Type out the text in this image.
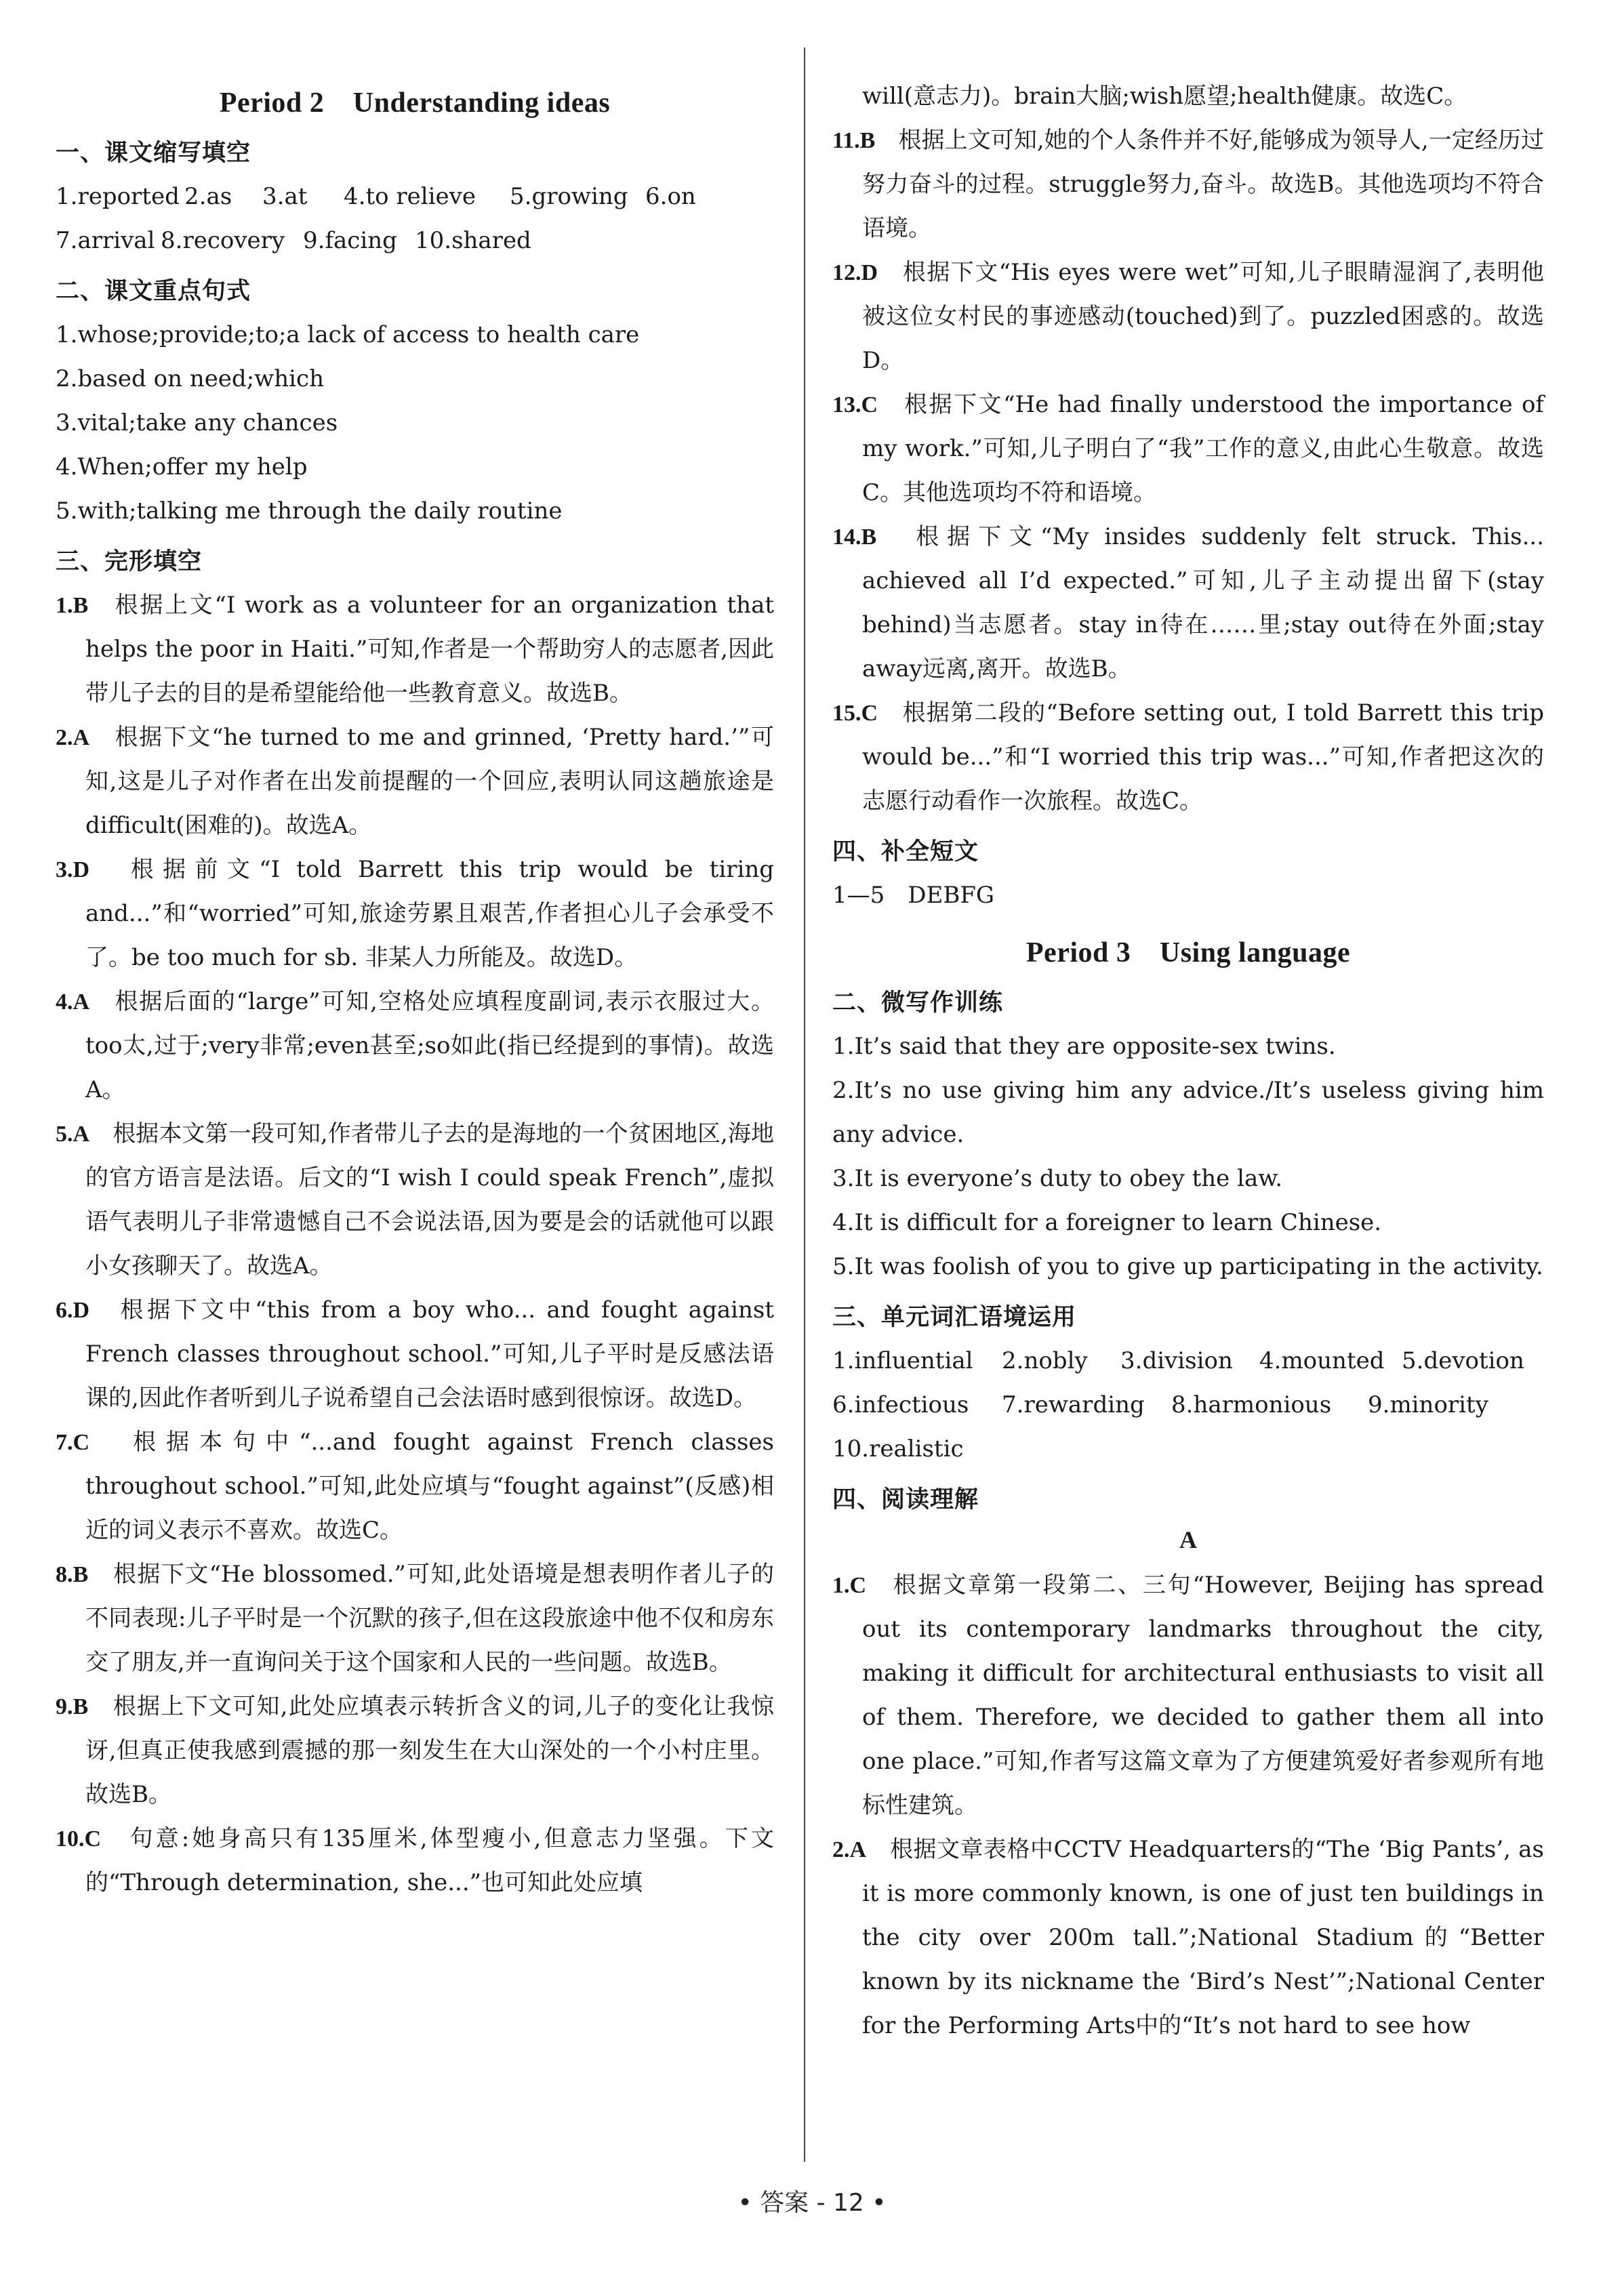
Period 2　Understanding ideas
一、课文缩写填空
1.reported 2.as 3.at 4.to relieve 5.growing 6.on
7.arrival 8.recovery 9.facing 10.shared
二、课文重点句式
1.whose;provide;to;a lack of access to health care
2.based on need;which
3.vital;take any chances
4.When;offer my help
5.with;talking me through the daily routine
三、完形填空
1.B　 根据上文“I work as a volunteer for an organization that helps the poor in Haiti.”可知,作者是一个帮助穷人的志愿者,因此带儿子去的目的是希望能给他一些教育意义。故选B。
2.A　 根据下文“he turned to me and grinned, ‘Pretty hard.’”可知,这是儿子对作者在出发前提醒的一个回应,表明认同这趟旅途是difficult(困难的)。故选A。
3.D　 根据前文“I told Barrett this trip would be tiring and...”和“worried”可知,旅途劳累且艰苦,作者担心儿子会承受不了。be too much for sb. 非某人力所能及。故选D。
4.A　 根据后面的“large”可知,空格处应填程度副词,表示衣服过大。too太,过于;very非常;even甚至;so如此(指已经提到的事情)。故选A。
5.A　 根据本文第一段可知,作者带儿子去的是海地的一个贫困地区,海地的官方语言是法语。后文的“I wish I could speak French”,虚拟语气表明儿子非常遗憾自己不会说法语,因为要是会的话就他可以跟小女孩聊天了。故选A。
6.D　 根据下文中“this from a boy who... and fought against French classes throughout school.”可知,儿子平时是反感法语课的,因此作者听到儿子说希望自己会法语时感到很惊讶。故选D。
7.C　 根据本句中“...and fought against French classes throughout school.”可知,此处应填与“fought against”(反感)相近的词义表示不喜欢。故选C。
8.B　 根据下文“He blossomed.”可知,此处语境是想表明作者儿子的不同表现:儿子平时是一个沉默的孩子,但在这段旅途中他不仅和房东交了朋友,并一直询问关于这个国家和人民的一些问题。故选B。
9.B　 根据上下文可知,此处应填表示转折含义的词,儿子的变化让我惊讶,但真正使我感到震撼的那一刻发生在大山深处的一个小村庄里。故选B。
10.C　 句意:她身高只有135厘米,体型瘦小,但意志力坚强。下文的“Through determination, she...”也可知此处应填
will(意志力)。brain大脑;wish愿望;health健康。故选C。
11.B　 根据上文可知,她的个人条件并不好,能够成为领导人,一定经历过努力奋斗的过程。struggle努力,奋斗。故选B。其他选项均不符合语境。
12.D　 根据下文“His eyes were wet”可知,儿子眼睛湿润了,表明他被这位女村民的事迹感动(touched)到了。puzzled困惑的。故选D。
13.C　 根据下文“He had finally understood the importance of my work.”可知,儿子明白了“我”工作的意义,由此心生敬意。故选C。其他选项均不符和语境。
14.B　 根据下文“My insides suddenly felt struck. This... achieved all I’d expected.”可知,儿子主动提出留下(stay behind)当志愿者。stay in待在……里;stay out待在外面;stay away远离,离开。故选B。
15.C　 根据第二段的“Before setting out, I told Barrett this trip would be...”和“I worried this trip was...”可知,作者把这次的志愿行动看作一次旅程。故选C。
四、补全短文
1—5　DEBFG
Period 3　Using language
二、微写作训练
1.It’s said that they are opposite-sex twins.
2.It’s no use giving him any advice./It’s useless giving him any advice.
3.It is everyone’s duty to obey the law.
4.It is difficult for a foreigner to learn Chinese.
5.It was foolish of you to give up participating in the activity.
三、单元词汇语境运用
1.influential 2.nobly 3.division 4.mounted 5.devotion
6.infectious 7.rewarding 8.harmonious 9.minority
10.realistic
四、阅读理解
A
1.C　 根据文章第一段第二、三句“However, Beijing has spread out its contemporary landmarks throughout the city, making it difficult for architectural enthusiasts to visit all of them. Therefore, we decided to gather them all into one place.”可知,作者写这篇文章为了方便建筑爱好者参观所有地标性建筑。
2.A　 根据文章表格中CCTV Headquarters的“The ‘Big Pants’, as it is more commonly known, is one of just ten buildings in the city over 200m tall.”;National Stadium的“Better known by its nickname the ‘Bird’s Nest’”;National Center for the Performing Arts中的“It’s not hard to see how
• 答案 - 12 •
